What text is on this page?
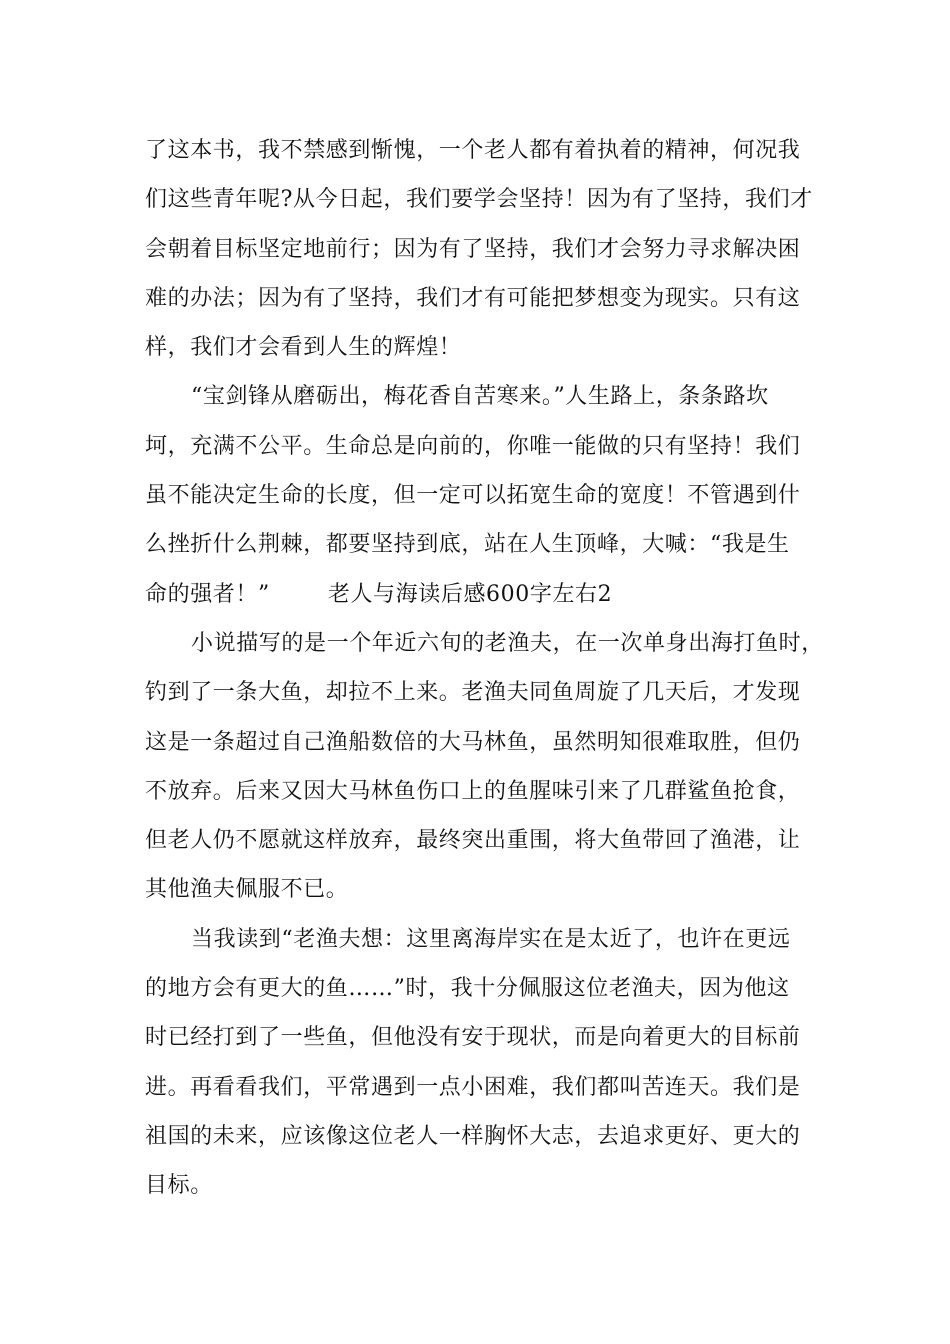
了这本书，我不禁感到惭愧，一个老人都有着执着的精神，何况我
们这些青年呢?从今日起，我们要学会坚持！因为有了坚持，我们才
会朝着目标坚定地前行；因为有了坚持，我们才会努力寻求解决困
难的办法；因为有了坚持，我们才有可能把梦想变为现实。只有这
样，我们才会看到人生的辉煌！
“宝剑锋从磨砺出，梅花香自苦寒来。”人生路上，条条路坎
坷，充满不公平。生命总是向前的，你唯一能做的只有坚持！我们
虽不能决定生命的长度，但一定可以拓宽生命的宽度！不管遇到什
么挫折什么荆棘，都要坚持到底，站在人生顶峰，大喊：“我是生
命的强者！”	老人与海读后感600字左右2
小说描写的是一个年近六旬的老渔夫，在一次单身出海打鱼时，
钓到了一条大鱼，却拉不上来。老渔夫同鱼周旋了几天后，才发现
这是一条超过自己渔船数倍的大马林鱼，虽然明知很难取胜，但仍
不放弃。后来又因大马林鱼伤口上的鱼腥味引来了几群鲨鱼抢食，
但老人仍不愿就这样放弃，最终突出重围，将大鱼带回了渔港，让
其他渔夫佩服不已。
当我读到“老渔夫想：这里离海岸实在是太近了，也许在更远
的地方会有更大的鱼……”时，我十分佩服这位老渔夫，因为他这
时已经打到了一些鱼，但他没有安于现状，而是向着更大的目标前
进。再看看我们，平常遇到一点小困难，我们都叫苦连天。我们是
祖国的未来，应该像这位老人一样胸怀大志，去追求更好、更大的
目标。
